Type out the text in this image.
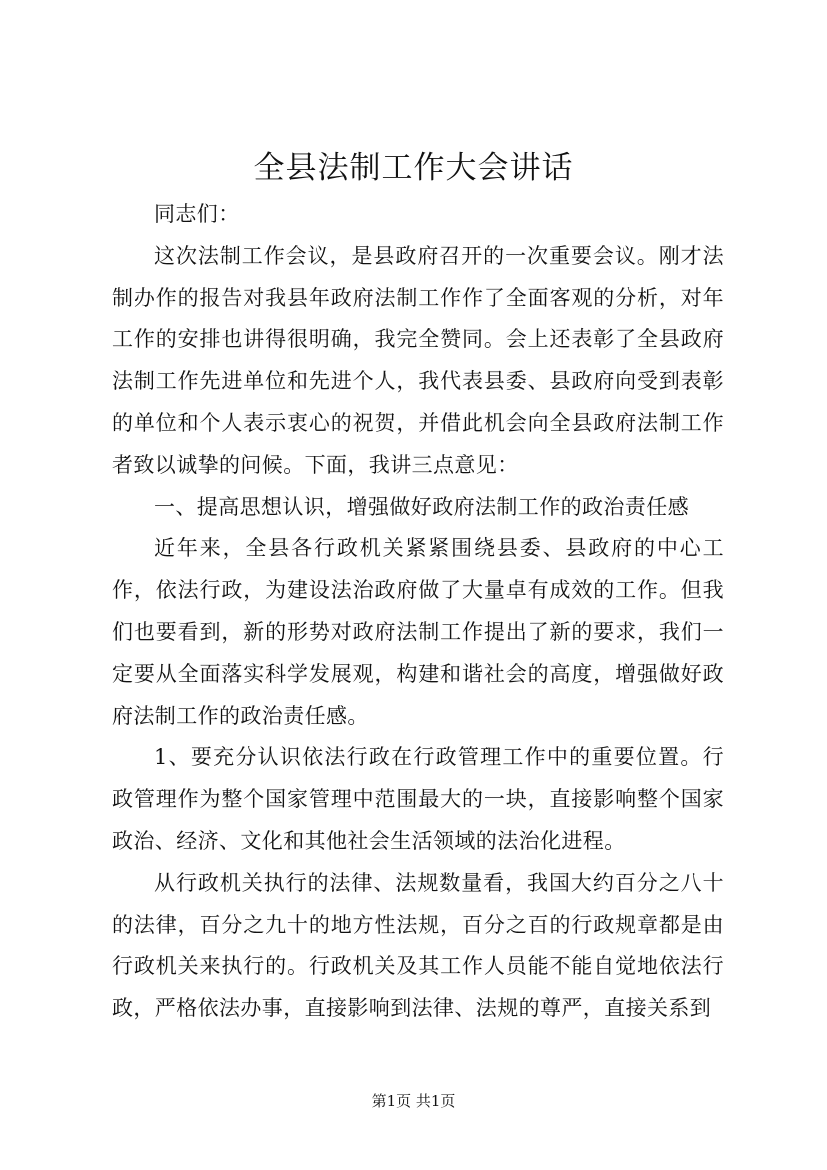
全县法制工作大会讲话

同志们：

这次法制工作会议，是县政府召开的一次重要会议。刚才法制办作的报告对我县年政府法制工作作了全面客观的分析，对年工作的安排也讲得很明确，我完全赞同。会上还表彰了全县政府法制工作先进单位和先进个人，我代表县委、县政府向受到表彰的单位和个人表示衷心的祝贺，并借此机会向全县政府法制工作者致以诚挚的问候。下面，我讲三点意见：

一、提高思想认识，增强做好政府法制工作的政治责任感

近年来，全县各行政机关紧紧围绕县委、县政府的中心工作，依法行政，为建设法治政府做了大量卓有成效的工作。但我们也要看到，新的形势对政府法制工作提出了新的要求，我们一定要从全面落实科学发展观，构建和谐社会的高度，增强做好政府法制工作的政治责任感。

1、要充分认识依法行政在行政管理工作中的重要位置。行政管理作为整个国家管理中范围最大的一块，直接影响整个国家政治、经济、文化和其他社会生活领域的法治化进程。

从行政机关执行的法律、法规数量看，我国大约百分之八十的法律，百分之九十的地方性法规，百分之百的行政规章都是由行政机关来执行的。行政机关及其工作人员能不能自觉地依法行政，严格依法办事，直接影响到法律、法规的尊严，直接关系到

第1页 共1页
